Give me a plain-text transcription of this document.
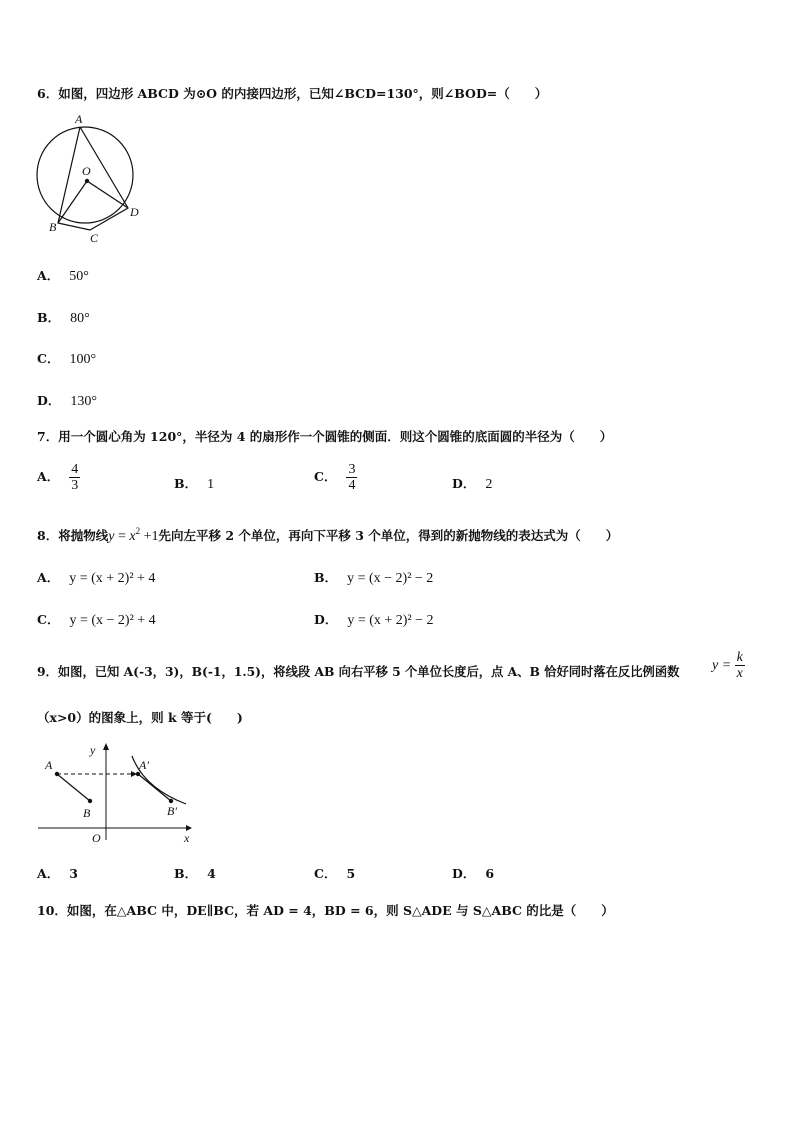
6．如图，四边形 ABCD 为⊙O 的内接四边形，已知∠BCD=130°，则∠BOD=（　　）
A
O
B
C
D
A． 50°
B． 80°
C． 100°
D． 130°
7．用一个圆心角为 120°，半径为 4 的扇形作一个圆锥的侧面．则这个圆锥的底面圆的半径为（　　）
A． $\frac{4}{3}$	B． 1
C． $\frac{3}{4}$	D． 2
8．将抛物线$y = x^2 +1$先向左平移 2 个单位，再向下平移 3 个单位，得到的新抛物线的表达式为（　　）
A． y = (x + 2)² + 4	B． y = (x − 2)² − 2
C． y = (x − 2)² + 4	D． y = (x + 2)² − 2
9．如图，已知 A(-3，3)，B(-1，1.5)，将线段 AB 向右平移 5 个单位长度后，点 A、B 恰好同时落在反比例函数 $y = \frac{k}{x}$
（x>0）的图象上，则 k 等于(　　)
y
x
O
A
B
A′
B′
A． 3	B． 4	C． 5	D． 6
10．如图，在△ABC 中，DE∥BC，若 AD = 4，BD = 6，则 S△ADE 与 S△ABC 的比是（　　）
